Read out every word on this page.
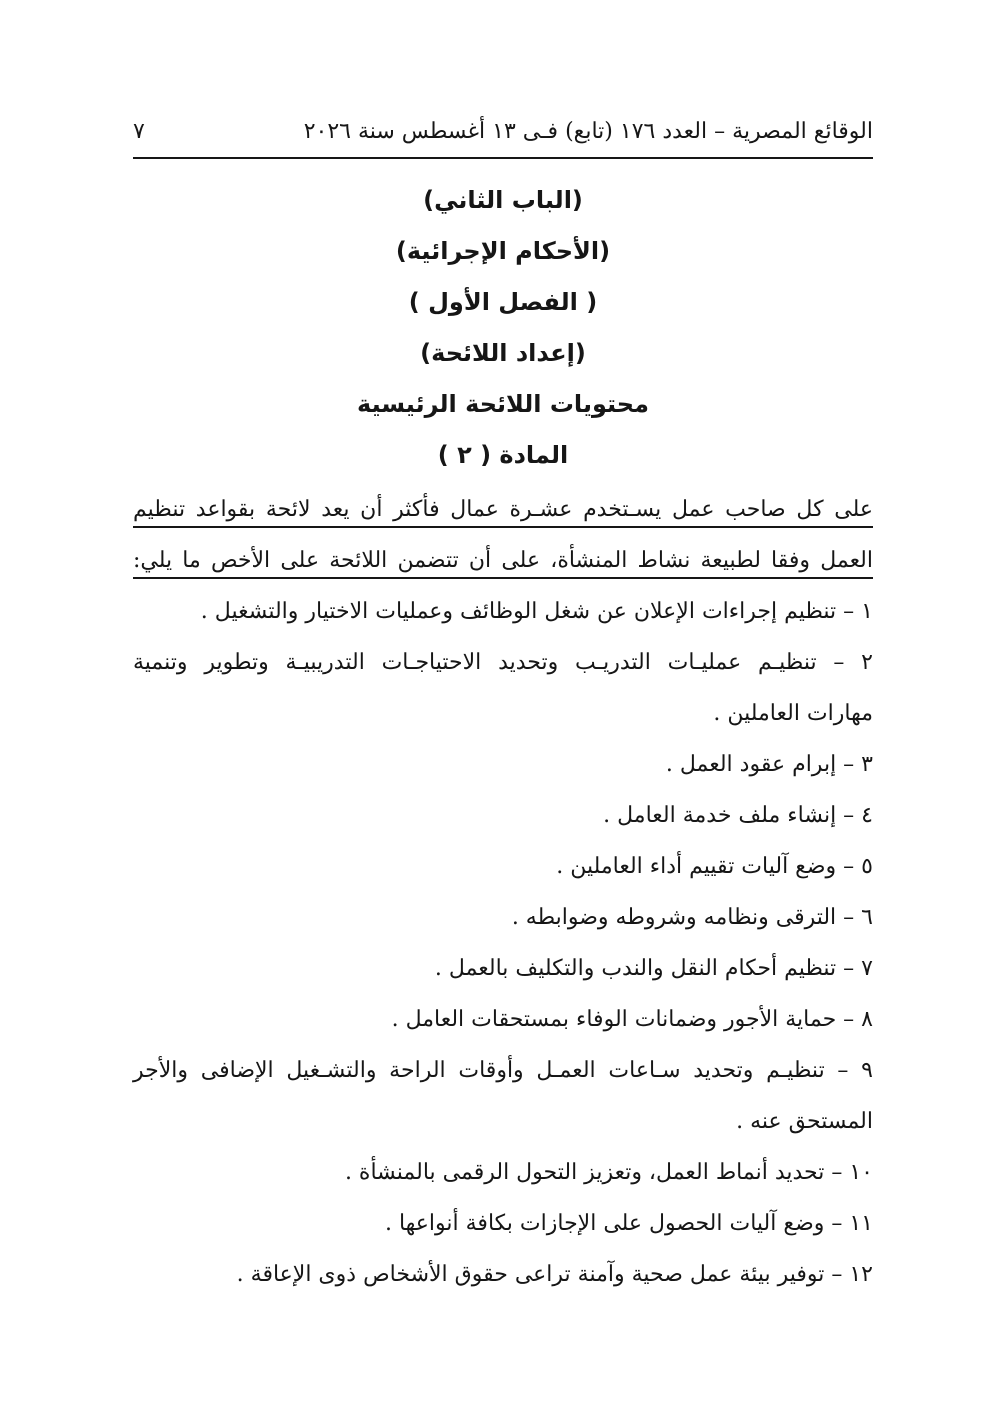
الوقائع المصرية – العدد ١٧٦ (تابع) فـى ١٣ أغسطس سنة ٢٠٢٦
٧
(الباب الثاني)
(الأحكام الإجرائية)
( الفصل الأول )
(إعداد اللائحة)
محتويات اللائحة الرئيسية
المادة ( ٢ )
على كل صاحب عمل يسـتخدم عشـرة عمال فأكثر أن يعد لائحة بقواعد تنظيم
العمل وفقا لطبيعة نشاط المنشأة، على أن تتضمن اللائحة على الأخص ما يلي:
١ – تنظيم إجراءات الإعلان عن شغل الوظائف وعمليات الاختيار والتشغيل .
٢ – تنظيـم عمليـات التدريـب وتحديد الاحتياجـات التدريبيـة وتطوير وتنمية
مهارات العاملين .
٣ – إبرام عقود العمل .
٤ – إنشاء ملف خدمة العامل .
٥ – وضع آليات تقييم أداء العاملين .
٦ – الترقى ونظامه وشروطه وضوابطه .
٧ – تنظيم أحكام النقل والندب والتكليف بالعمل .
٨ – حماية الأجور وضمانات الوفاء بمستحقات العامل .
٩ – تنظيـم وتحديد سـاعات العمـل وأوقات الراحة والتشـغيل الإضافى والأجر
المستحق عنه .
١٠ – تحديد أنماط العمل، وتعزيز التحول الرقمى بالمنشأة .
١١ – وضع آليات الحصول على الإجازات بكافة أنواعها .
١٢ – توفير بيئة عمل صحية وآمنة تراعى حقوق الأشخاص ذوى الإعاقة .
